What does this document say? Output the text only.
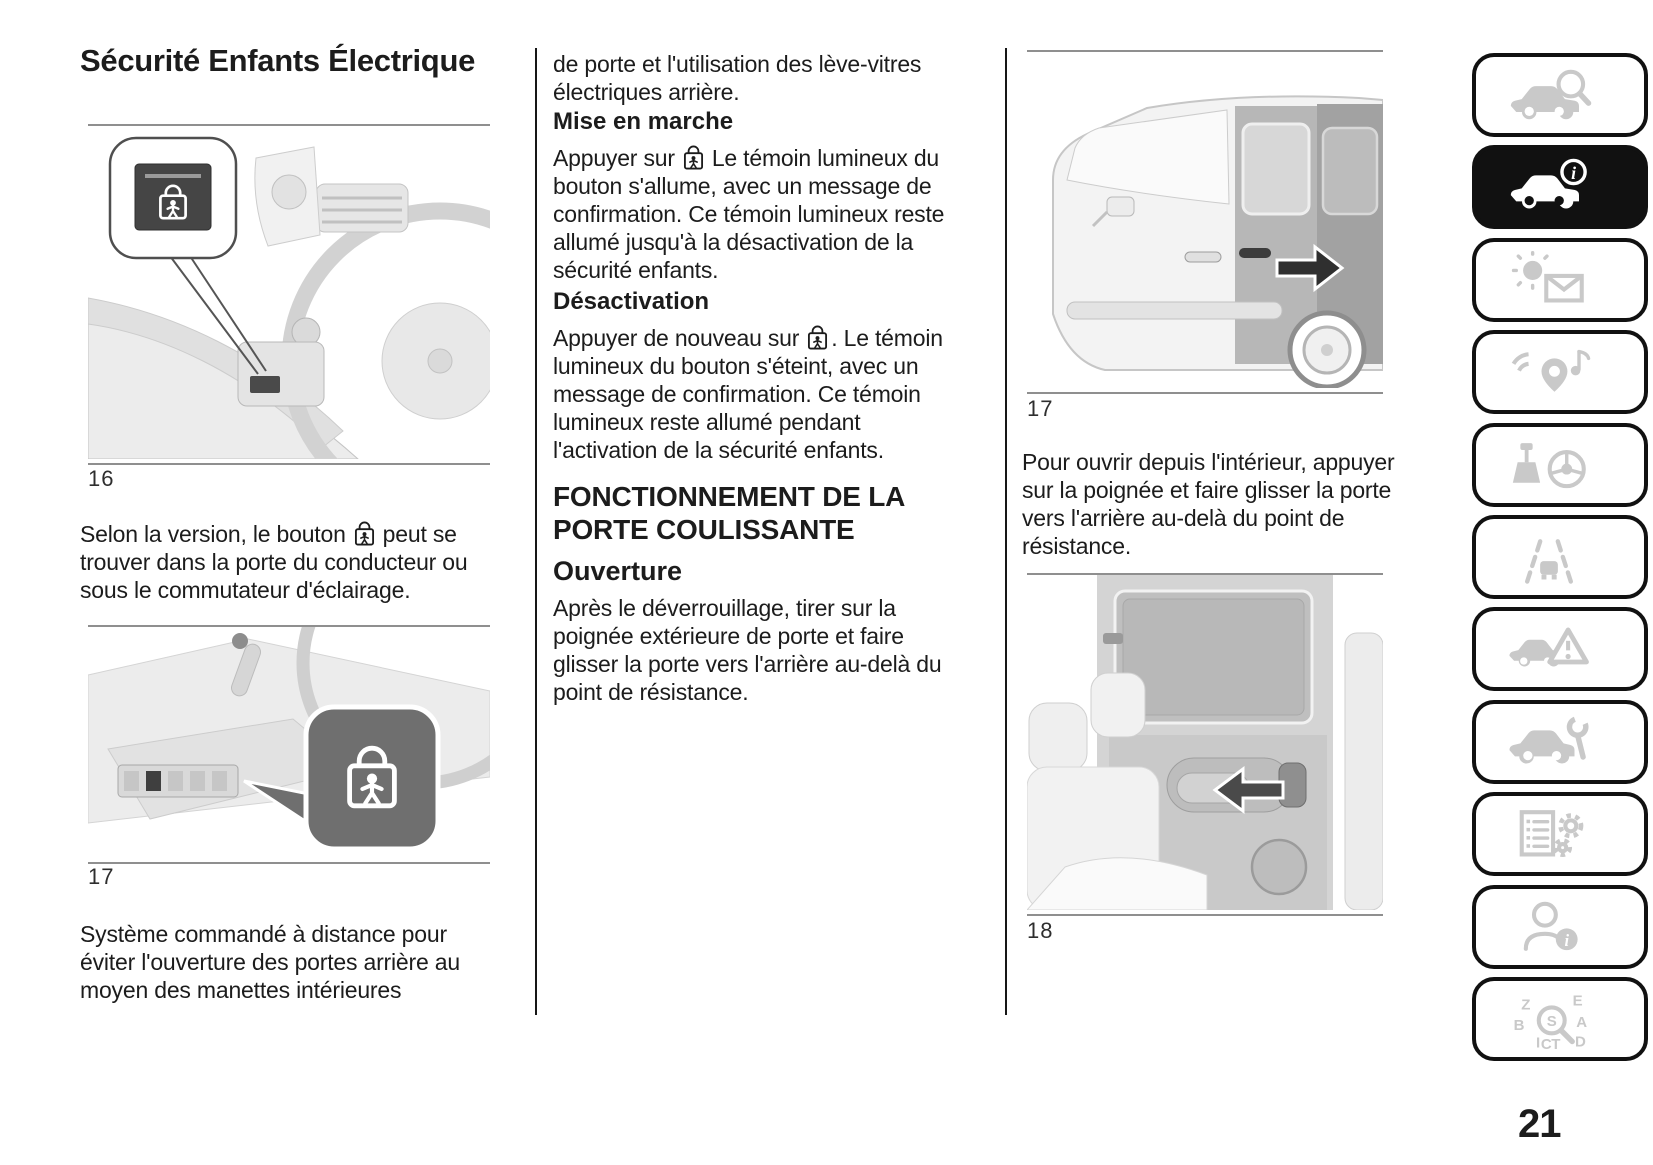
Sécurité Enfants Électrique
16

Selon la version, le bouton peut se trouver dans la porte du conducteur ou sous le commutateur d'éclairage.

17

Système commandé à distance pour éviter l'ouverture des portes arrière au moyen des manettes intérieures

de porte et l'utilisation des lève-vitres électriques arrière.

Mise en marche

Appuyer sur Le témoin lumineux du bouton s'allume, avec un message de confirmation. Ce témoin lumineux reste allumé jusqu'à la désactivation de la sécurité enfants.

Désactivation

Appuyer de nouveau sur . Le témoin lumineux du bouton s'éteint, avec un message de confirmation. Ce témoin lumineux reste allumé pendant l'activation de la sécurité enfants.

FONCTIONNEMENT DE LA PORTE COULISSANTE
Ouverture

Après le déverrouillage, tirer sur la poignée extérieure de porte et faire glisser la porte vers l'arrière au-delà du point de résistance.

17

Pour ouvrir depuis l'intérieur, appuyer sur la poignée et faire glisser la porte vers l'arrière au-delà du point de résistance.

18
i
i
Z	E
B	A
I C T D
S
21
